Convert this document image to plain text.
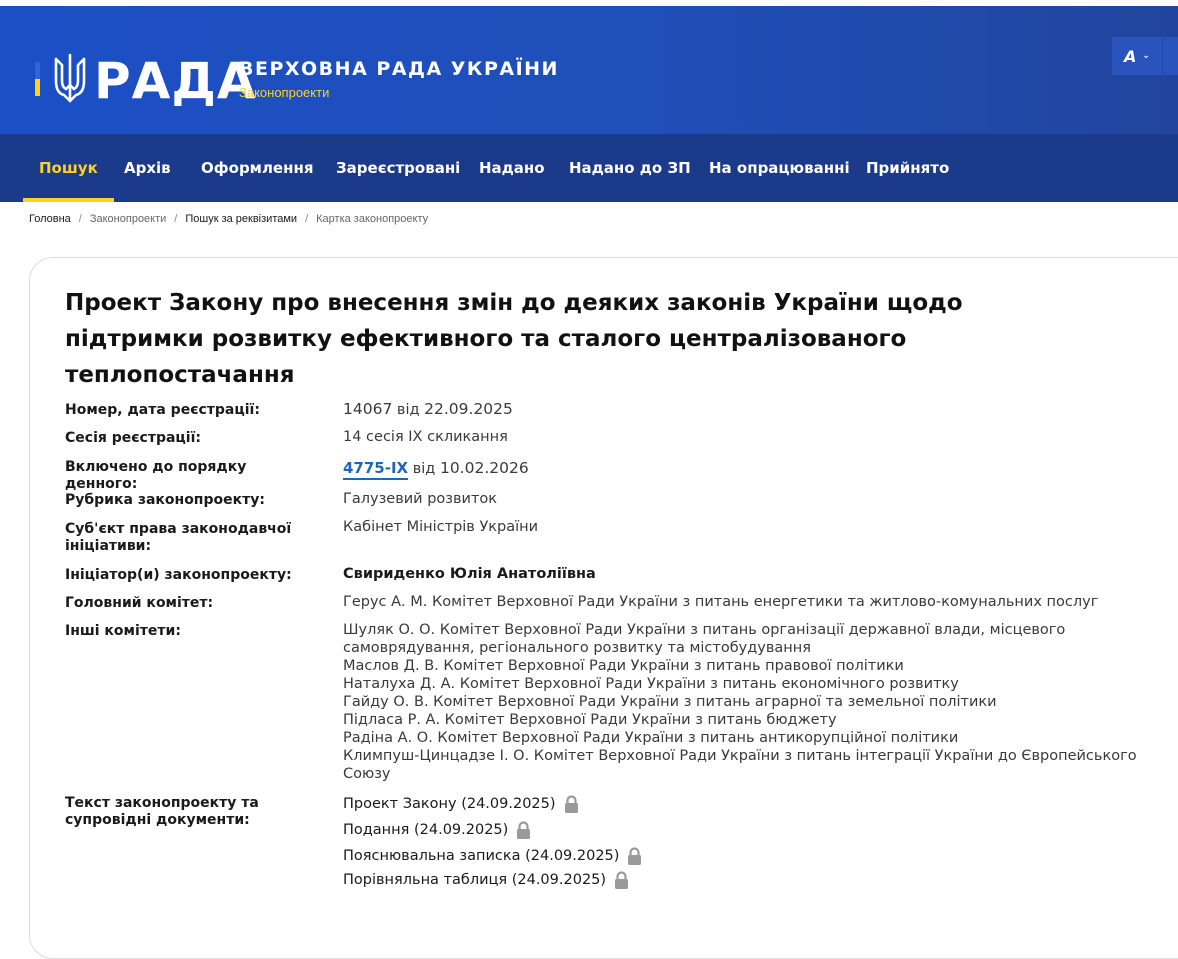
РАДА
ВЕРХОВНА РАДА УКРАЇНИ
Законопроекти
A ⌄
Пошук Архів Оформлення Зареєстровані Надано Надано до ЗП На опрацюванні Прийнято
Головна / Законопроекти / Пошук за реквізитами / Картка законопроекту
Проект Закону про внесення змін до деяких законів України щодо підтримки розвитку ефективного та сталого централізованого теплопостачання
Номер, дата реєстрації:	14067 від 22.09.2025
Сесія реєстрації:	14 сесія IX скликання
Включено до порядку денного:
4775-IX від 10.02.2026
Рубрика законопроекту:	Галузевий розвиток
Суб'єкт права законодавчої ініціативи:
Кабінет Міністрів України
Ініціатор(и) законопроекту:	Свириденко Юлія Анатоліївна
Головний комітет:	Герус А. М. Комітет Верховної Ради України з питань енергетики та житлово-комунальних послуг
Інші комітети:	Шуляк О. О. Комітет Верховної Ради України з питань організації державної влади, місцевого
самоврядування, регіонального розвитку та містобудування
Маслов Д. В. Комітет Верховної Ради України з питань правової політики
Наталуха Д. А. Комітет Верховної Ради України з питань економічного розвитку
Гайду О. В. Комітет Верховної Ради України з питань аграрної та земельної політики
Підласа Р. А. Комітет Верховної Ради України з питань бюджету
Радіна А. О. Комітет Верховної Ради України з питань антикорупційної політики
Климпуш-Цинцадзе І. О. Комітет Верховної Ради України з питань інтеграції України до Європейського
Союзу
Текст законопроекту та супровідні документи:
Проект Закону (24.09.2025)
Подання (24.09.2025)
Пояснювальна записка (24.09.2025)
Порівняльна таблиця (24.09.2025)
